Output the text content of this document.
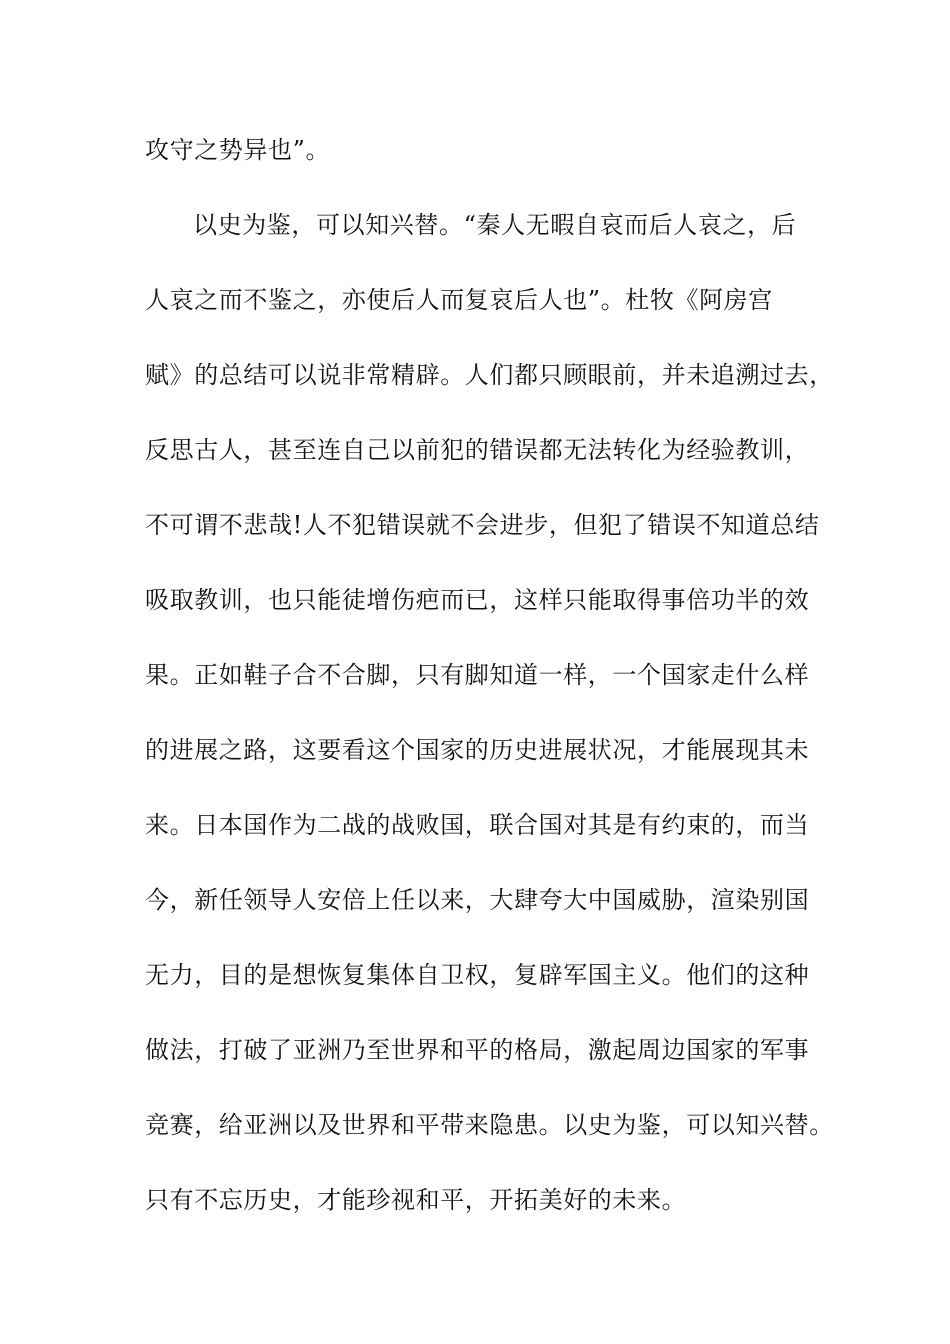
攻守之势异也”。
以史为鉴，可以知兴替。“秦人无暇自哀而后人哀之，后
人哀之而不鉴之，亦使后人而复哀后人也”。杜牧《阿房宫
赋》的总结可以说非常精辟。人们都只顾眼前，并未追溯过去，
反思古人，甚至连自己以前犯的错误都无法转化为经验教训，
不可谓不悲哉!人不犯错误就不会进步，但犯了错误不知道总结
吸取教训，也只能徒增伤疤而已，这样只能取得事倍功半的效
果。正如鞋子合不合脚，只有脚知道一样，一个国家走什么样
的进展之路，这要看这个国家的历史进展状况，才能展现其未
来。日本国作为二战的战败国，联合国对其是有约束的，而当
今，新任领导人安倍上任以来，大肆夸大中国威胁，渲染别国
无力，目的是想恢复集体自卫权，复辟军国主义。他们的这种
做法，打破了亚洲乃至世界和平的格局，激起周边国家的军事
竞赛，给亚洲以及世界和平带来隐患。以史为鉴，可以知兴替。
只有不忘历史，才能珍视和平，开拓美好的未来。
